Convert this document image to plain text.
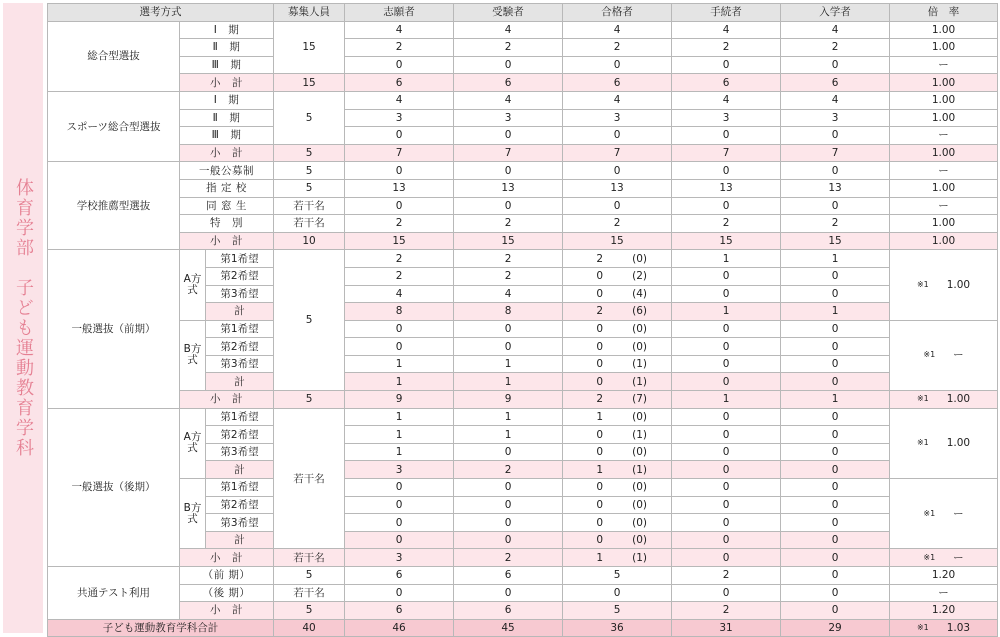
体育学部　子ども運動教育学科
選考方式			募集人員	志願者	受験者	合格者	手続者	入学者	倍　率
総合型選抜	Ⅰ　期		15	4	4	4	4	4	1.00
	Ⅱ　期			2	2	2	2	2	1.00
	Ⅲ　期			0	0	0	0	0	ー
	小　計		15	6	6	6	6	6	1.00
スポーツ総合型選抜	Ⅰ　期		5	4	4	4	4	4	1.00
	Ⅱ　期			3	3	3	3	3	1.00
	Ⅲ　期			0	0	0	0	0	ー
	小　計		5	7	7	7	7	7	1.00
学校推薦型選抜	一般公募制		5	0	0	0	0	0	ー
	指 定 校		5	13	13	13	13	13	1.00
	同 窓 生		若干名	0	0	0	0	0	ー
	特　別		若干名	2	2	2	2	2	1.00
	小　計		10	15	15	15	15	15	1.00
一般選抜（前期）	A方式	第1希望	5	2	2	2 (0)	1	1	※1 1.00

		第2希望		2	2	0 (2)	0	0	
		第3希望		4	4	0 (4)	0	0	
		計		8	8	2 (6)	1	1	
	B方式	第1希望		0	0	0 (0)	0	0	※1 ー

		第2希望		0	0	0 (0)	0	0	
		第3希望		1	1	0 (1)	0	0	
		計		1	1	0 (1)	0	0	
	小　計		5	9	9	2 (7)	1	1	※1 1.00

一般選抜（後期）	A方式	第1希望	若干名	1	1	1 (0)	0	0	※1 1.00

		第2希望		1	1	0 (1)	0	0	
		第3希望		1	0	0 (0)	0	0	
		計		3	2	1 (1)	0	0	
	B方式	第1希望		0	0	0 (0)	0	0	※1 ー

		第2希望		0	0	0 (0)	0	0	
		第3希望		0	0	0 (0)	0	0	
		計		0	0	0 (0)	0	0	
	小　計		若干名	3	2	1 (1)	0	0	※1 ー

共通テスト利用	（前 期）		5	6	6	5	2	0	1.20
	（後 期）		若干名	0	0	0	0	0	ー
	小　計		5	6	6	5	2	0	1.20
子ども運動教育学科合計			40	46	45	36	31	29	※1 1.03
